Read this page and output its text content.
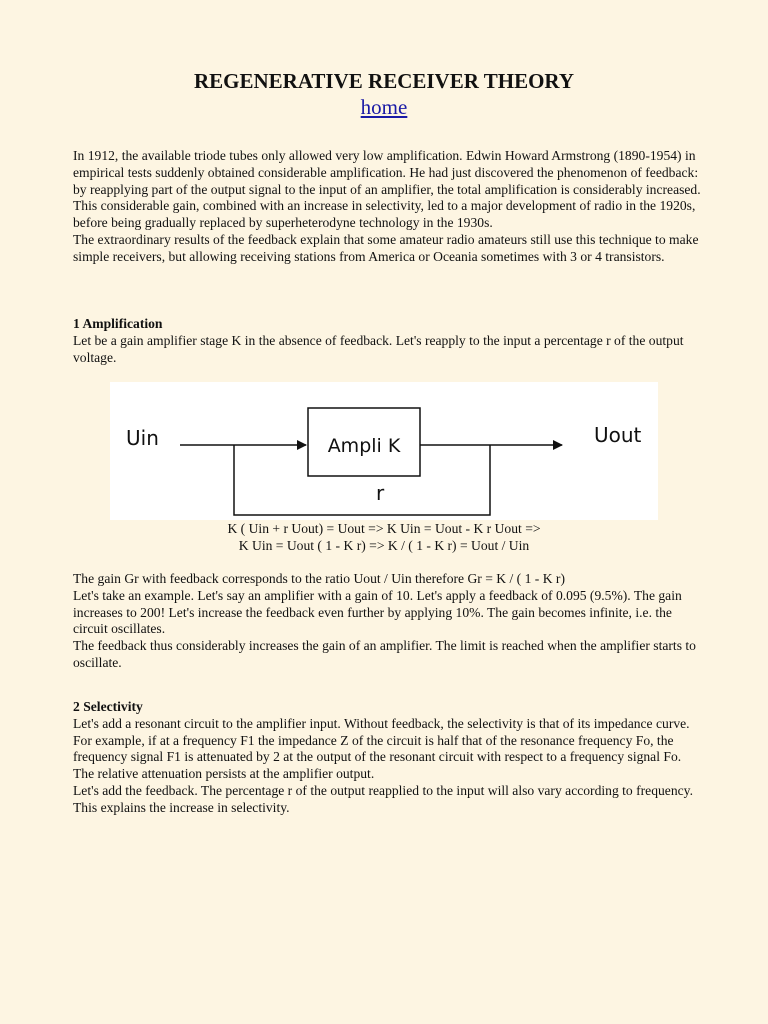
REGENERATIVE RECEIVER THEORY
home

In 1912, the available triode tubes only allowed very low amplification. Edwin Howard Armstrong (1890-1954) in empirical tests suddenly obtained considerable amplification. He had just discovered the phenomenon of feedback: by reapplying part of the output signal to the input of an amplifier, the total amplification is considerably increased.

This considerable gain, combined with an increase in selectivity, led to a major development of radio in the 1920s, before being gradually replaced by superheterodyne technology in the 1930s.

The extraordinary results of the feedback explain that some amateur radio amateurs still use this technique to make simple receivers, but allowing receiving stations from America or Oceania sometimes with 3 or 4 transistors.

1 Amplification

Let be a gain amplifier stage K in the absence of feedback. Let's reapply to the input a percentage r of the output voltage.

Uin	Ampli K	Uout
r
K ( Uin + r Uout) = Uout => K Uin = Uout - K r Uout =>
K Uin = Uout ( 1 - K r) => K / ( 1 - K r) = Uout / Uin

The gain Gr with feedback corresponds to the ratio Uout / Uin therefore Gr = K / ( 1 - K r)

Let's take an example. Let's say an amplifier with a gain of 10. Let's apply a feedback of 0.095 (9.5%). The gain increases to 200! Let's increase the feedback even further by applying 10%. The gain becomes infinite, i.e. the circuit oscillates.

The feedback thus considerably increases the gain of an amplifier. The limit is reached when the amplifier starts to oscillate.

2 Selectivity

Let's add a resonant circuit to the amplifier input. Without feedback, the selectivity is that of its impedance curve. For example, if at a frequency F1 the impedance Z of the circuit is half that of the resonance frequency Fo, the frequency signal F1 is attenuated by 2 at the output of the resonant circuit with respect to a frequency signal Fo. The relative attenuation persists at the amplifier output.

Let's add the feedback. The percentage r of the output reapplied to the input will also vary according to frequency. This explains the increase in selectivity.
